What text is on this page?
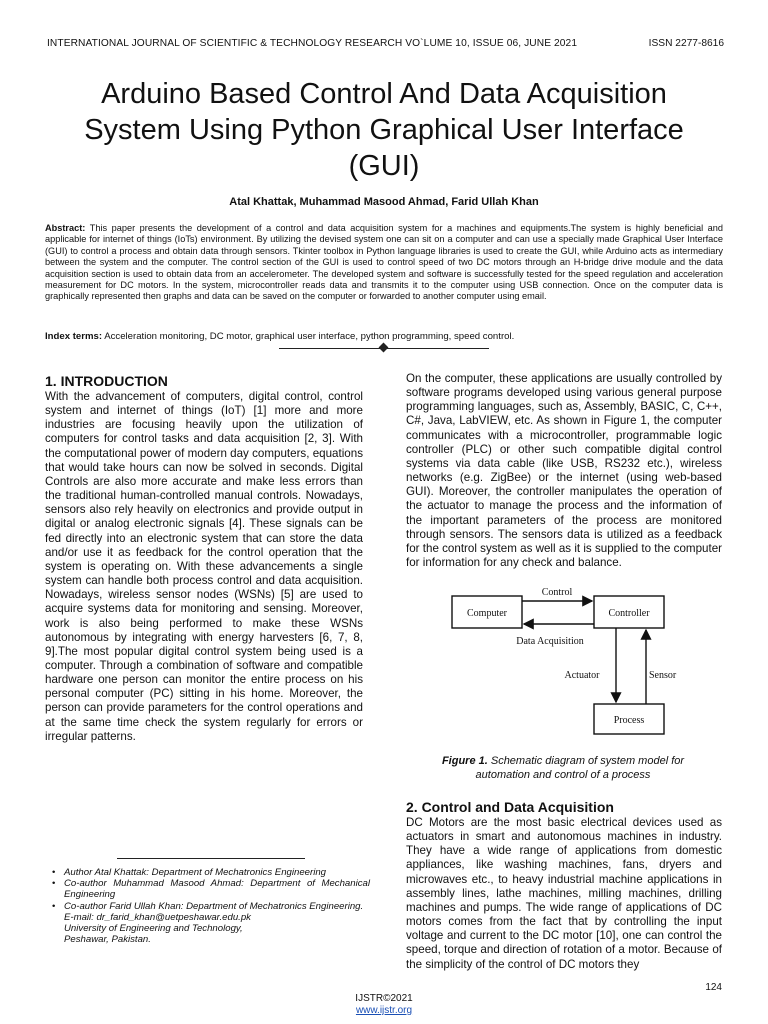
INTERNATIONAL JOURNAL OF SCIENTIFIC & TECHNOLOGY RESEARCH VO`LUME 10, ISSUE 06, JUNE 2021	ISSN 2277-8616
Arduino Based Control And Data Acquisition
System Using Python Graphical User Interface
(GUI)
Atal Khattak, Muhammad Masood Ahmad, Farid Ullah Khan
Abstract: This paper presents the development of a control and data acquisition system for a machines and equipments.The system is highly beneficial and applicable for internet of things (IoTs) environment. By utilizing the devised system one can sit on a computer and can use a specially made Graphical User Interface (GUI) to control a process and obtain data through sensors. Tkinter toolbox in Python language libraries is used to create the GUI, while Arduino acts as intermediary between the system and the computer. The control section of the GUI is used to control speed of two DC motors through an H-bridge drive module and the data acquisition section is used to obtain data from an accelerometer. The developed system and software is successfully tested for the speed regulation and acceleration measurement for DC motors. In the system, microcontroller reads data and transmits it to the computer using USB connection. Once on the computer data is graphically represented then graphs and data can be saved on the computer or forwarded to another computer using email.
Index terms: Acceleration monitoring, DC motor, graphical user interface, python programming, speed control.
1. INTRODUCTION
With the advancement of computers, digital control, control system and internet of things (IoT) [1] more and more industries are focusing heavily upon the utilization of computers for control tasks and data acquisition [2, 3]. With the computational power of modern day computers, equations that would take hours can now be solved in seconds. Digital Controls are also more accurate and make less errors than the traditional human-controlled manual controls. Nowadays, sensors also rely heavily on electronics and provide output in digital or analog electronic signals [4]. These signals can be fed directly into an electronic system that can store the data and/or use it as feedback for the control operation that the system is operating on. With these advancements a single system can handle both process control and data acquisition. Nowadays, wireless sensor nodes (WSNs) [5] are used to acquire systems data for monitoring and sensing. Moreover, work is also being performed to make these WSNs autonomous by integrating with energy harvesters [6, 7, 8, 9].The most popular digital control system being used is a computer. Through a combination of software and compatible hardware one person can monitor the entire process on his personal computer (PC) sitting in his home. Moreover, the person can provide parameters for the control operations and at the same time check the system regularly for errors or irregular patterns.
On the computer, these applications are usually controlled by software programs developed using various general purpose programming languages, such as, Assembly, BASIC, C, C++, C#, Java, LabVIEW, etc. As shown in Figure 1, the computer communicates with a microcontroller, programmable logic controller (PLC) or other such compatible digital control systems via data cable (like USB, RS232 etc.), wireless networks (e.g. ZigBee) or the internet (using web-based GUI). Moreover, the controller manipulates the operation of the actuator to manage the process and the information of the important parameters of the process are monitored through sensors. The sensors data is utilized as a feedback for the control system as well as it is supplied to the computer for information for any check and balance.
Computer	Controller
Process
Control
Data Acquisition
Actuator	Sensor
Figure 1. Schematic diagram of system model for automation and control of a process
2. Control and Data Acquisition
DC Motors are the most basic electrical devices used as actuators in smart and autonomous machines in industry. They have a wide range of applications from domestic appliances, like washing machines, fans, dryers and microwaves etc., to heavy industrial machine applications in assembly lines, lathe machines, milling machines, drilling machines and pumps. The wide range of applications of DC motors comes from the fact that by controlling the input voltage and current to the DC motor [10], one can control the speed, torque and direction of rotation of a motor. Because of the simplicity of the control of DC motors they
• Author Atal Khattak: Department of Mechatronics Engineering
• Co-author Muhammad Masood Ahmad: Department of Mechanical Engineering
• Co-author Farid Ullah Khan: Department of Mechatronics Engineering.
E-mail: dr_farid_khan@uetpeshawar.edu.pk
University of Engineering and Technology,
Peshawar, Pakistan.
124
IJSTR©2021
www.ijstr.org
